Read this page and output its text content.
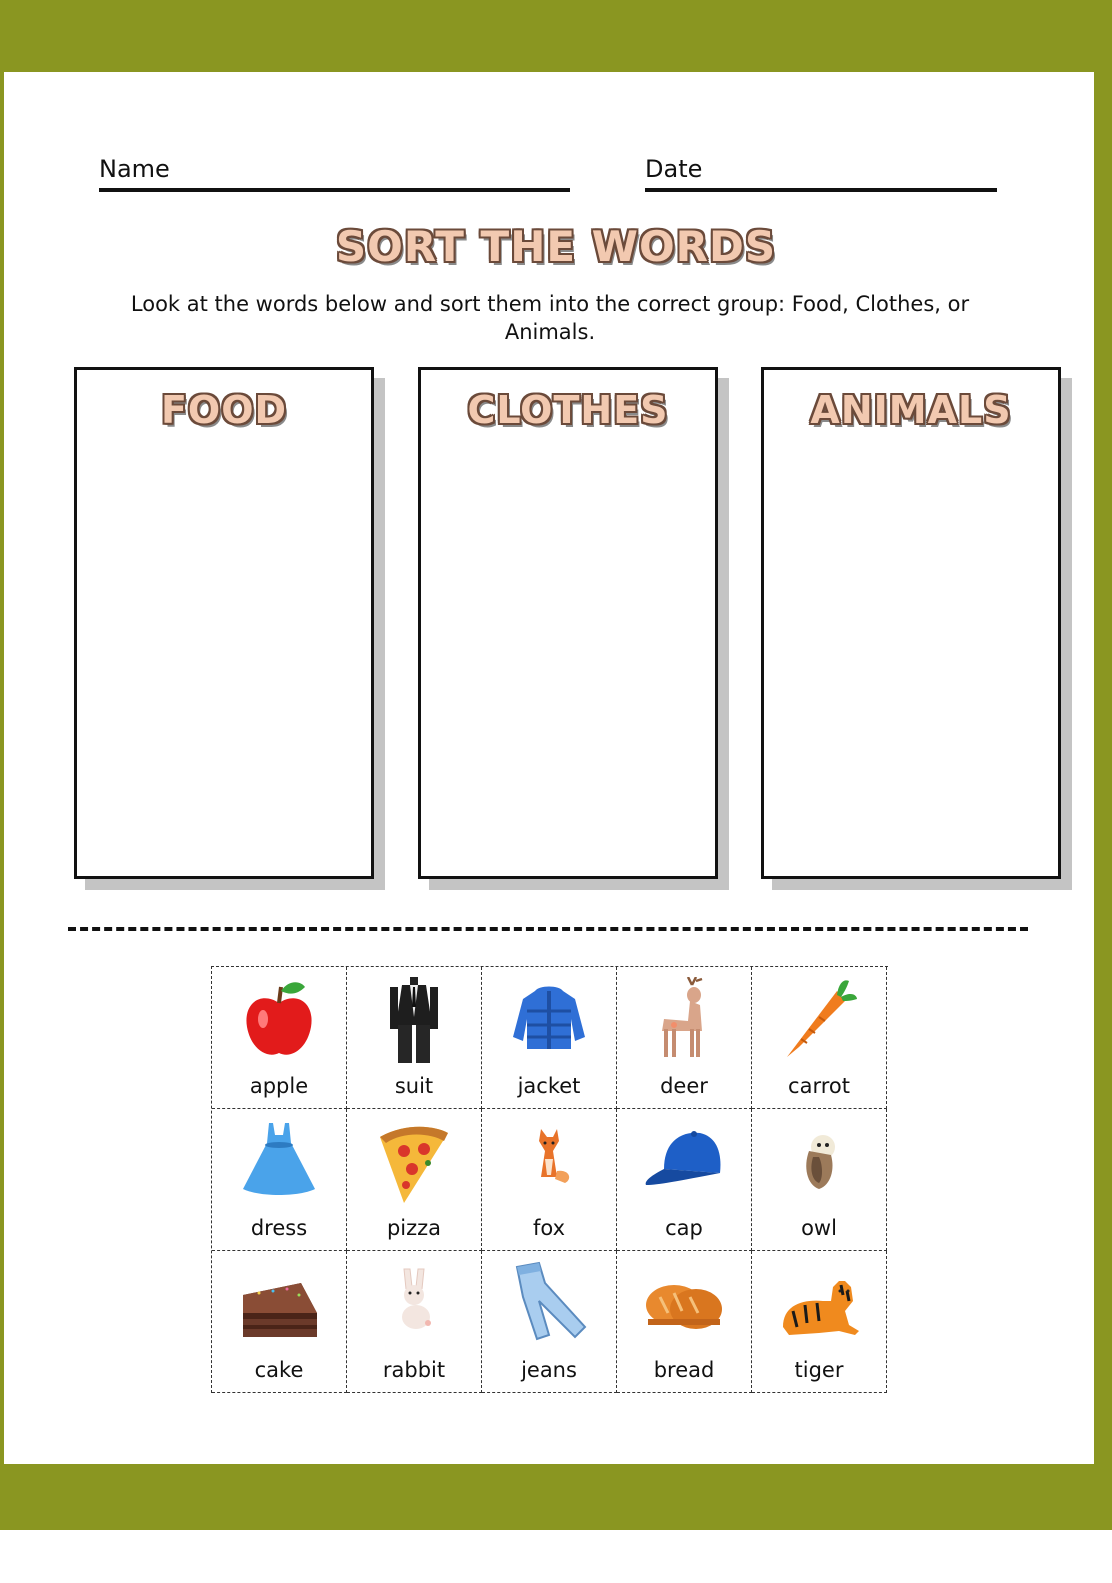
Name	Date
SORT THE WORDS
Look at the words below and sort them into the correct group: Food, Clothes, or Animals.
FOOD	CLOTHES	ANIMALS
apple	suit	jacket	deer	carrot
dress	pizza	fox	cap	owl
cake	rabbit	jeans	bread	tiger
